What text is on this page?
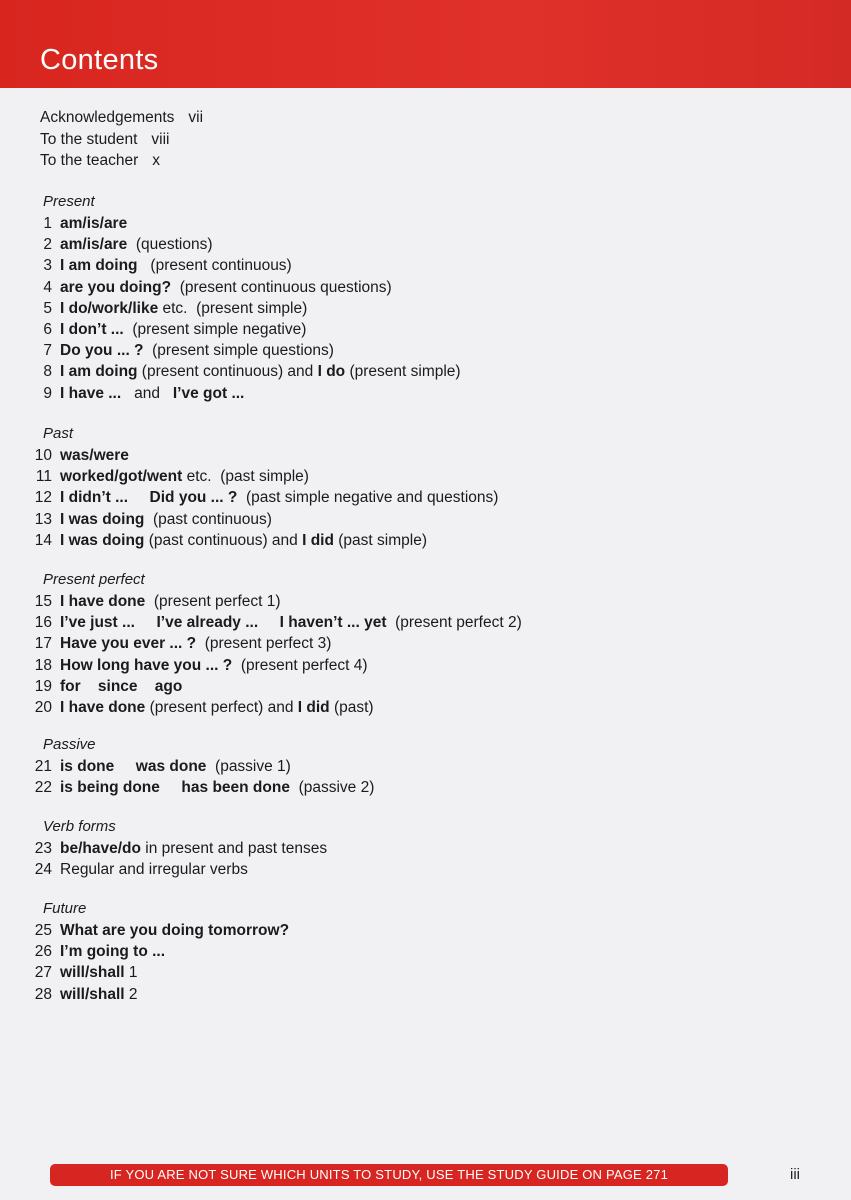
Contents
Acknowledgements vii
To the student viii
To the teacher x
Present
1 am/is/are
2 am/is/are  (questions)
3 I am doing   (present continuous)
4 are you doing?  (present continuous questions)
5 I do/work/like etc.  (present simple)
6 I don’t ...  (present simple negative)
7 Do you ... ?  (present simple questions)
8 I am doing (present continuous) and I do (present simple)
9 I have ...   and   I’ve got ...
Past
10 was/were
11 worked/got/went etc.  (past simple)
12 I didn’t ...     Did you ... ?  (past simple negative and questions)
13 I was doing  (past continuous)
14 I was doing (past continuous) and I did (past simple)
Present perfect
15 I have done  (present perfect 1)
16 I’ve just ...     I’ve already ...     I haven’t ... yet  (present perfect 2)
17 Have you ever ... ?  (present perfect 3)
18 How long have you ... ?  (present perfect 4)
19 for    since    ago
20 I have done (present perfect) and I did (past)
Passive
21 is done     was done  (passive 1)
22 is being done     has been done  (passive 2)
Verb forms
23 be/have/do in present and past tenses
24 Regular and irregular verbs
Future
25 What are you doing tomorrow?
26 I’m going to ...
27 will/shall 1
28 will/shall 2
IF YOU ARE NOT SURE WHICH UNITS TO STUDY, USE THE STUDY GUIDE ON PAGE 271	iii
